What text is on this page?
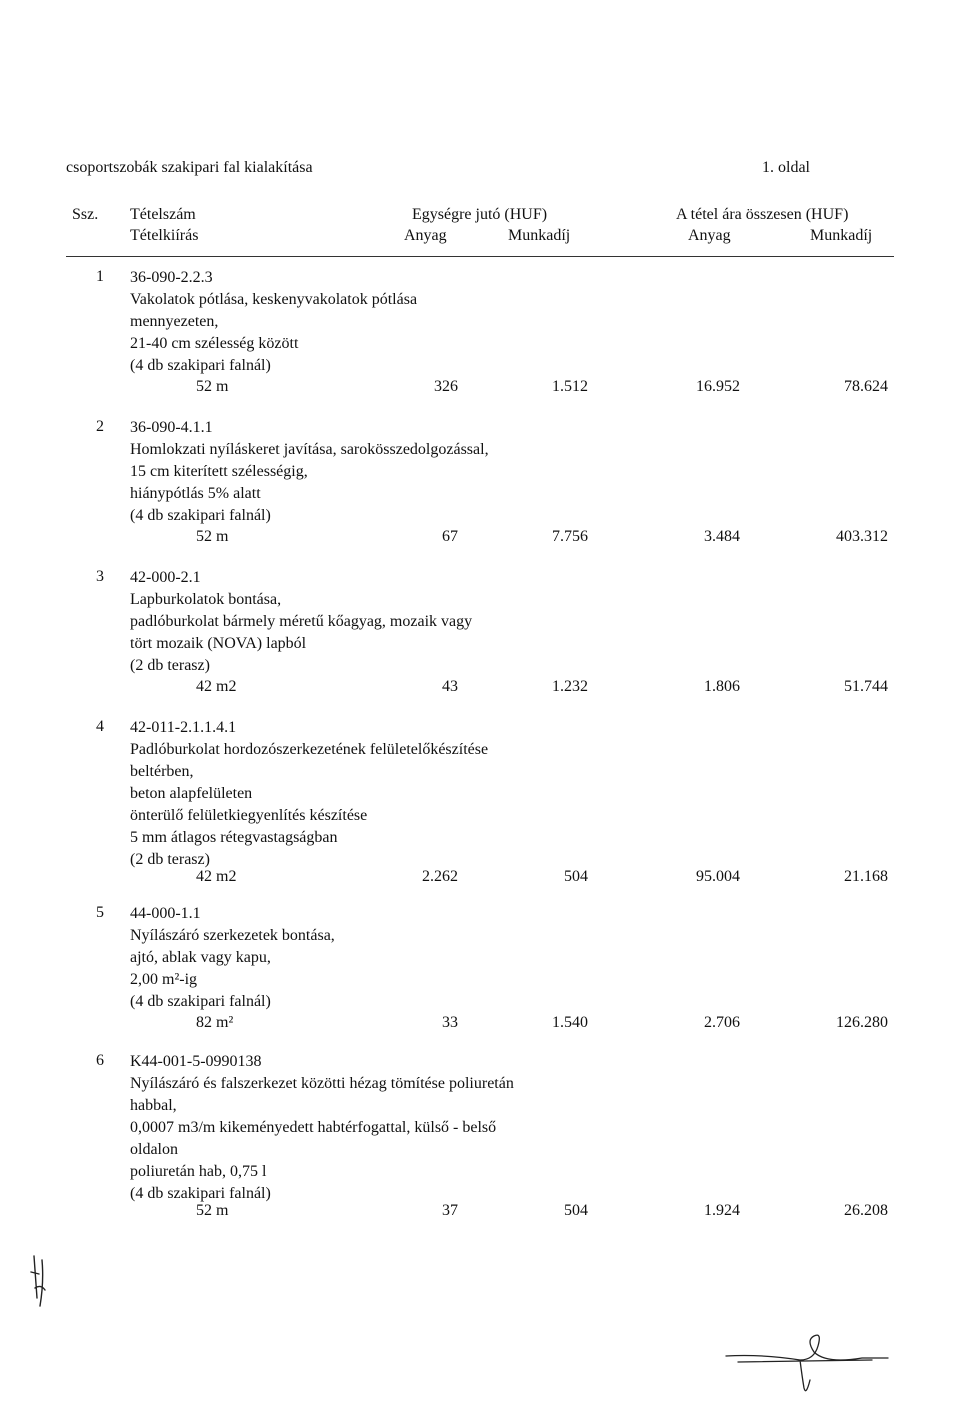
csoportszobák szakipari fal kialakítása	1. oldal
Ssz. Tételszám
Tételkiírás
Egységre jutó (HUF)
Anyag	Munkadíj
A tétel ára összesen (HUF)
Anyag	Munkadíj
1	36-090-2.2.3
Vakolatok pótlása, keskenyvakolatok pótlása
mennyezeten,
21-40 cm szélesség között
(4 db szakipari falnál)
52 m	326	1.512	16.952	78.624
2	36-090-4.1.1
Homlokzati nyíláskeret javítása, sarokösszedolgozással,
15 cm kiterített szélességig,
hiánypótlás 5% alatt
(4 db szakipari falnál)
52 m	67	7.756	3.484	403.312
3	42-000-2.1
Lapburkolatok bontása,
padlóburkolat bármely méretű kőagyag, mozaik vagy
tört mozaik (NOVA) lapból
(2 db terasz)
42 m2	43	1.232	1.806	51.744
4	42-011-2.1.1.4.1
Padlóburkolat hordozószerkezetének felületelőkészítése
beltérben,
beton alapfelületen
önterülő felületkiegyenlítés készítése
5 mm átlagos rétegvastagságban
(2 db terasz)
42 m2	2.262	504	95.004	21.168
5	44-000-1.1
Nyílászáró szerkezetek bontása,
ajtó, ablak vagy kapu,
2,00 m²-ig
(4 db szakipari falnál)
82 m²	33	1.540	2.706	126.280
6	K44-001-5-0990138
Nyílászáró és falszerkezet közötti hézag tömítése poliuretán
habbal,
0,0007 m3/m kikeményedett habtérfogattal, külső - belső
oldalon
poliuretán hab, 0,75 l
(4 db szakipari falnál)
52 m	37	504	1.924	26.208
